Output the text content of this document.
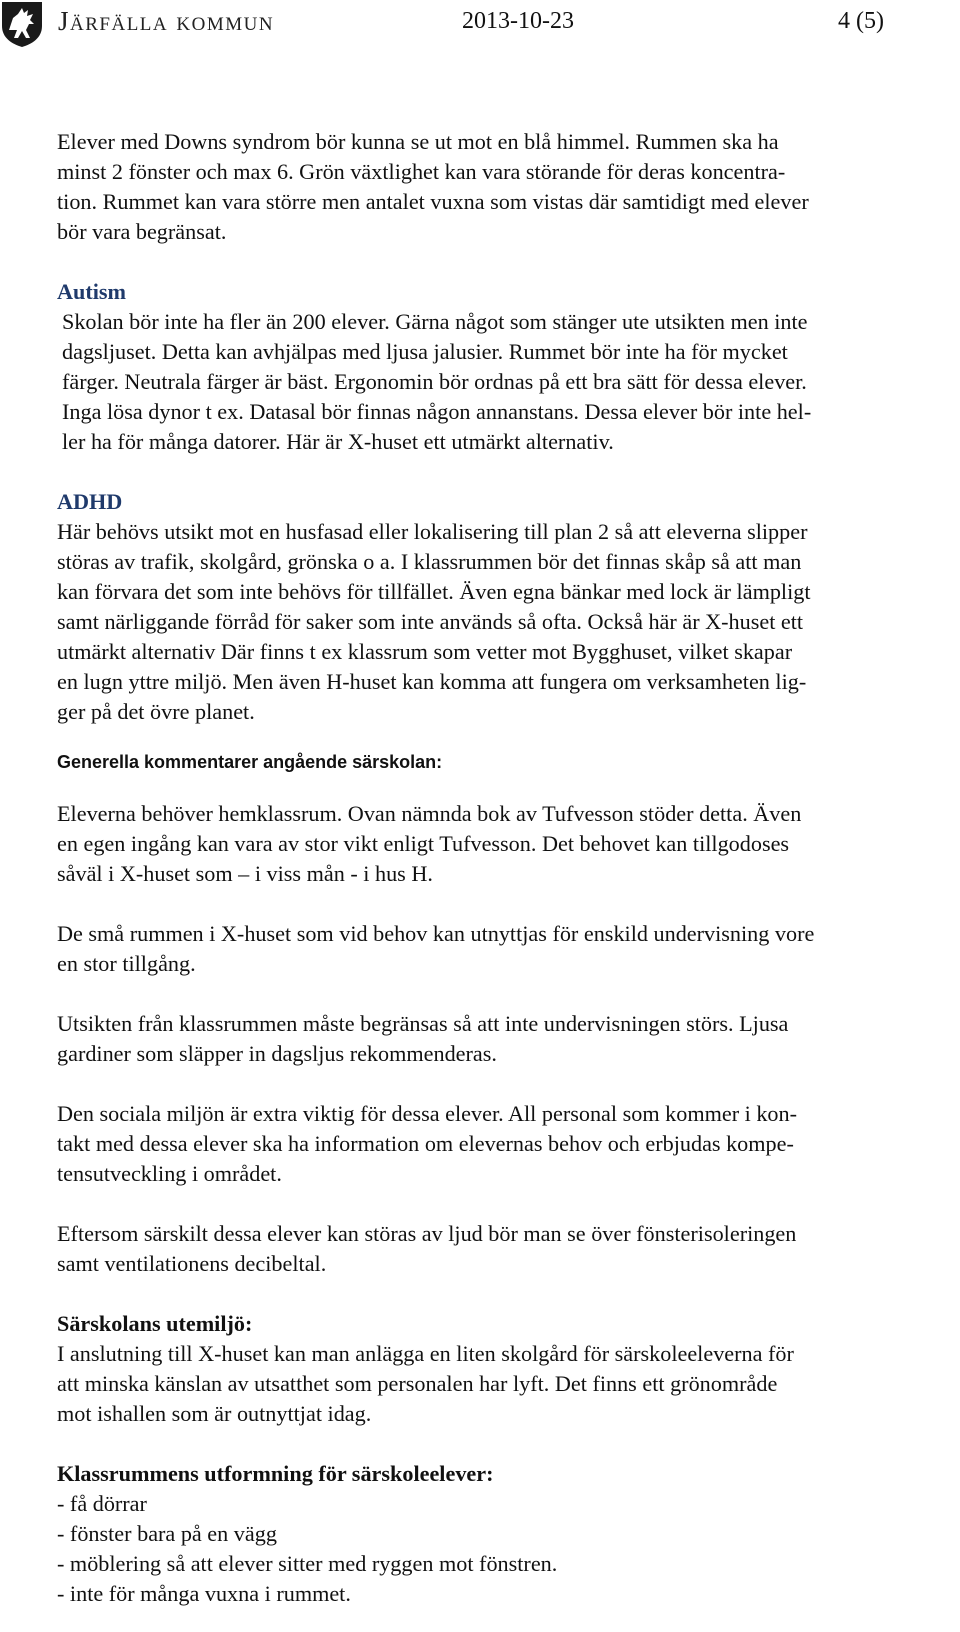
Järfälla kommun	2013-10-23	4 (5)

Elever med Downs syndrom bör kunna se ut mot en blå himmel. Rummen ska ha
minst 2 fönster och max 6. Grön växtlighet kan vara störande för deras koncentra-
tion. Rummet kan vara större men antalet vuxna som vistas där samtidigt med elever
bör vara begränsat.

Autism

Skolan bör inte ha fler än 200 elever. Gärna något som stänger ute utsikten men inte
dagsljuset. Detta kan avhjälpas med ljusa jalusier. Rummet bör inte ha för mycket
färger. Neutrala färger är bäst. Ergonomin bör ordnas på ett bra sätt för dessa elever.
Inga lösa dynor t ex. Datasal bör finnas någon annanstans. Dessa elever bör inte hel-
ler ha för många datorer. Här är X-huset ett utmärkt alternativ.

ADHD

Här behövs utsikt mot en husfasad eller lokalisering till plan 2 så att eleverna slipper
störas av trafik, skolgård, grönska o a. I klassrummen bör det finnas skåp så att man
kan förvara det som inte behövs för tillfället. Även egna bänkar med lock är lämpligt
samt närliggande förråd för saker som inte används så ofta. Också här är X-huset ett
utmärkt alternativ Där finns t ex klassrum som vetter mot Bygghuset, vilket skapar
en lugn yttre miljö. Men även H-huset kan komma att fungera om verksamheten lig-
ger på det övre planet.

Generella kommentarer angående särskolan:

Eleverna behöver hemklassrum. Ovan nämnda bok av Tufvesson stöder detta. Även
en egen ingång kan vara av stor vikt enligt Tufvesson. Det behovet kan tillgodoses
såväl i X-huset som – i viss mån - i hus H.

De små rummen i X-huset som vid behov kan utnyttjas för enskild undervisning vore
en stor tillgång.

Utsikten från klassrummen måste begränsas så att inte undervisningen störs. Ljusa
gardiner som släpper in dagsljus rekommenderas.

Den sociala miljön är extra viktig för dessa elever. All personal som kommer i kon-
takt med dessa elever ska ha information om elevernas behov och erbjudas kompe-
tensutveckling i området.

Eftersom särskilt dessa elever kan störas av ljud bör man se över fönsterisoleringen
samt ventilationens decibeltal.

Särskolans utemiljö:

I anslutning till X-huset kan man anlägga en liten skolgård för särskoleeleverna för
att minska känslan av utsatthet som personalen har lyft. Det finns ett grönområde
mot ishallen som är outnyttjat idag.

Klassrummens utformning för särskoleelever:

- få dörrar

- fönster bara på en vägg

- möblering så att elever sitter med ryggen mot fönstren.

- inte för många vuxna i rummet.
